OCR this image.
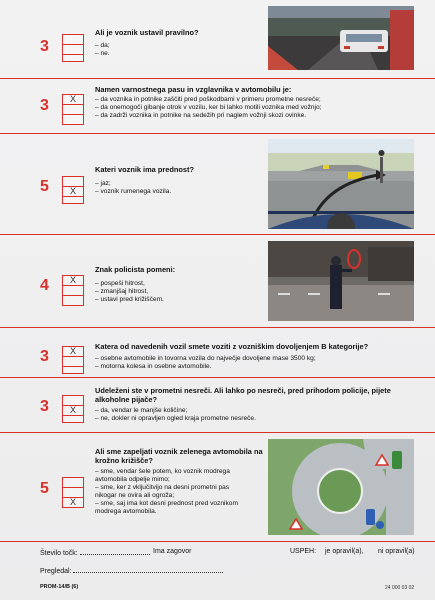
3
Ali je voznik ustavil pravilno?
– da;
– ne.
3	X
Namen varnostnega pasu in vzglavnika v avtomobilu je:
– da voznika in potnike zaščiti pred poškodbami v primeru prometne nesreče;
– da onemogoči gibanje otrok v vozilu, ker bi lahko motili voznika med vožnjo;
– da zadrži voznika in potnike na sedežih pri naglem vožnji skozi ovinke.
5	X
Kateri voznik ima prednost?
– jaz;
– voznik rumenega vozila.
4	X
Znak policista pomeni:
– pospeši hitrost,
– zmanjšaj hitrost,
– ustavi pred križiščem.
3	X	Katera od navedenih vozil smete voziti z vozniškim dovoljenjem B kategorije?
– osebne avtomobile in tovorna vozila do največje dovoljene mase 3500 kg;
– motorna kolesa in osebne avtomobile.
3	X
Udeleženi ste v prometni nesreči. Ali lahko po nesreči, pred prihodom policije, pijete alkoholne pijače?
– da, vendar le manjše količine;
– ne, dokler ni opravljen ogled kraja prometne nesreče.
5
X
Ali sme zapeljati voznik zelenega avtomobila na krožno križišče?
– sme, vendar šele potem, ko voznik modrega
avtomobila odpelje mimo;
– sme, ker z vključitvijo na desni prometni pas
nikogar ne ovira ali ogroža;
– sme, saj ima kot desni prednost pred voznikom
modrega avtomobila.
Število točk:	Ima zagovor	USPEH: je opravil(a), ni opravil(a)
Pregledal:
PROM-14/B (6)	24 000 03 02
